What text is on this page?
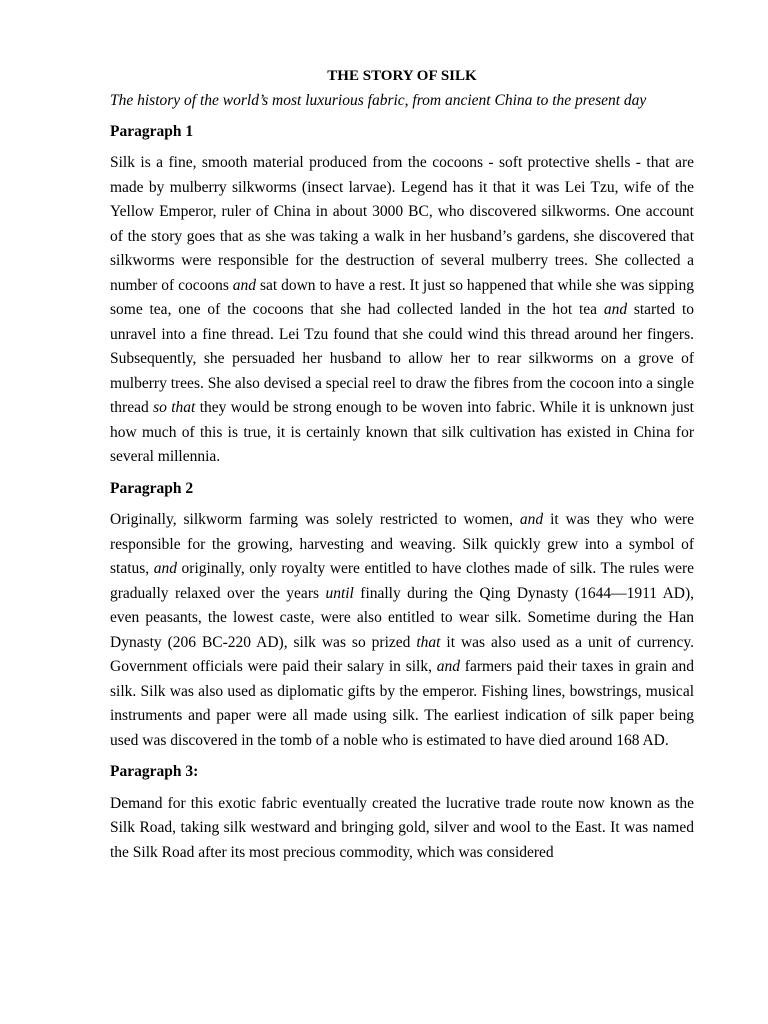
THE STORY OF SILK
The history of the world’s most luxurious fabric, from ancient China to the present day
Paragraph 1

Silk is a fine, smooth material produced from the cocoons - soft protective shells - that are made by mulberry silkworms (insect larvae). Legend has it that it was Lei Tzu, wife of the Yellow Emperor, ruler of China in about 3000 BC, who discovered silkworms. One account of the story goes that as she was taking a walk in her husband’s gardens, she discovered that silkworms were responsible for the destruction of several mulberry trees. She collected a number of cocoons and sat down to have a rest. It just so happened that while she was sipping some tea, one of the cocoons that she had collected landed in the hot tea and started to unravel into a fine thread. Lei Tzu found that she could wind this thread around her fingers. Subsequently, she persuaded her husband to allow her to rear silkworms on a grove of mulberry trees. She also devised a special reel to draw the fibres from the cocoon into a single thread so that they would be strong enough to be woven into fabric. While it is unknown just how much of this is true, it is certainly known that silk cultivation has existed in China for several millennia.

Paragraph 2

Originally, silkworm farming was solely restricted to women, and it was they who were responsible for the growing, harvesting and weaving. Silk quickly grew into a symbol of status, and originally, only royalty were entitled to have clothes made of silk. The rules were gradually relaxed over the years until finally during the Qing Dynasty (1644—1911 AD), even peasants, the lowest caste, were also entitled to wear silk. Sometime during the Han Dynasty (206 BC-220 AD), silk was so prized that it was also used as a unit of currency. Government officials were paid their salary in silk, and farmers paid their taxes in grain and silk. Silk was also used as diplomatic gifts by the emperor. Fishing lines, bowstrings, musical instruments and paper were all made using silk. The earliest indication of silk paper being used was discovered in the tomb of a noble who is estimated to have died around 168 AD.

Paragraph 3:

Demand for this exotic fabric eventually created the lucrative trade route now known as the Silk Road, taking silk westward and bringing gold, silver and wool to the East. It was named the Silk Road after its most precious commodity, which was considered
